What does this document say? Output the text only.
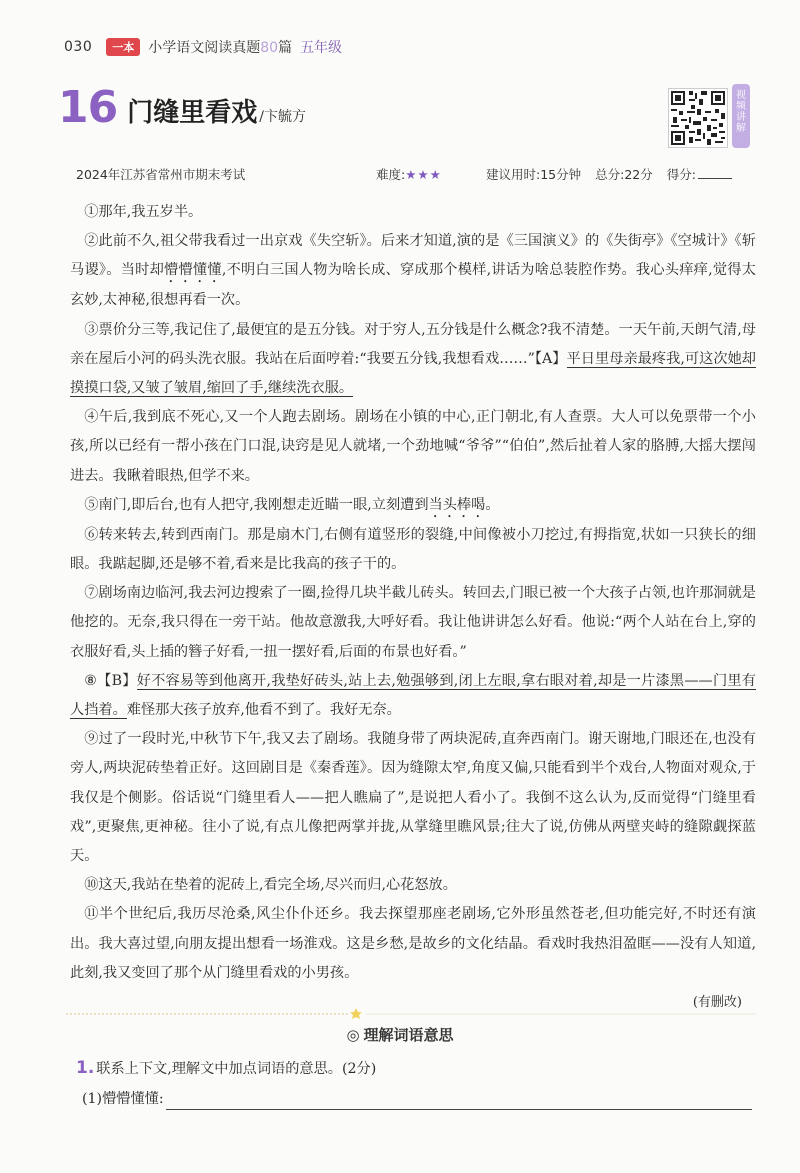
030	一本	小学语文阅读真题80篇 五年级
16 门缝里看戏 /卞毓方
视频讲解
2024年江苏省常州市期末考试	难度:★★★	建议用时:15分钟 总分:22分 得分:

①那年,我五岁半。

②此前不久,祖父带我看过一出京戏《失空斩》。后来才知道,演的是《三国演义》的《失街亭》《空城计》《斩马谡》。当时却懵懵懂懂,不明白三国人物为啥长成、穿成那个模样,讲话为啥总装腔作势。我心头痒痒,觉得太玄妙,太神秘,很想再看一次。

③票价分三等,我记住了,最便宜的是五分钱。对于穷人,五分钱是什么概念?我不清楚。一天午前,天朗气清,母亲在屋后小河的码头洗衣服。我站在后面哼着:“我要五分钱,我想看戏……”【A】平日里母亲最疼我,可这次她却摸摸口袋,又皱了皱眉,缩回了手,继续洗衣服。

④午后,我到底不死心,又一个人跑去剧场。剧场在小镇的中心,正门朝北,有人查票。大人可以免票带一个小孩,所以已经有一帮小孩在门口混,诀窍是见人就堵,一个劲地喊“爷爷”“伯伯”,然后扯着人家的胳膊,大摇大摆闯进去。我瞅着眼热,但学不来。

⑤南门,即后台,也有人把守,我刚想走近瞄一眼,立刻遭到当头棒喝。

⑥转来转去,转到西南门。那是扇木门,右侧有道竖形的裂缝,中间像被小刀挖过,有拇指宽,状如一只狭长的细眼。我踮起脚,还是够不着,看来是比我高的孩子干的。

⑦剧场南边临河,我去河边搜索了一圈,捡得几块半截儿砖头。转回去,门眼已被一个大孩子占领,也许那洞就是他挖的。无奈,我只得在一旁干站。他故意激我,大呼好看。我让他讲讲怎么好看。他说:“两个人站在台上,穿的衣服好看,头上插的簪子好看,一扭一摆好看,后面的布景也好看。”

⑧【B】好不容易等到他离开,我垫好砖头,站上去,勉强够到,闭上左眼,拿右眼对着,却是一片漆黑——门里有人挡着。难怪那大孩子放弃,他看不到了。我好无奈。

⑨过了一段时光,中秋节下午,我又去了剧场。我随身带了两块泥砖,直奔西南门。谢天谢地,门眼还在,也没有旁人,两块泥砖垫着正好。这回剧目是《秦香莲》。因为缝隙太窄,角度又偏,只能看到半个戏台,人物面对观众,于我仅是个侧影。俗话说“门缝里看人——把人瞧扁了”,是说把人看小了。我倒不这么认为,反而觉得“门缝里看戏”,更聚焦,更神秘。往小了说,有点儿像把两掌并拢,从掌缝里瞧风景;往大了说,仿佛从两壁夹峙的缝隙觑探蓝天。

⑩这天,我站在垫着的泥砖上,看完全场,尽兴而归,心花怒放。

⑪半个世纪后,我历尽沧桑,风尘仆仆还乡。我去探望那座老剧场,它外形虽然苍老,但功能完好,不时还有演出。我大喜过望,向朋友提出想看一场淮戏。这是乡愁,是故乡的文化结晶。看戏时我热泪盈眶——没有人知道,此刻,我又变回了那个从门缝里看戏的小男孩。

(有删改)
◎ 理解词语意思
1. 联系上下文,理解文中加点词语的意思。(2分)
(1)懵懵懂懂:
